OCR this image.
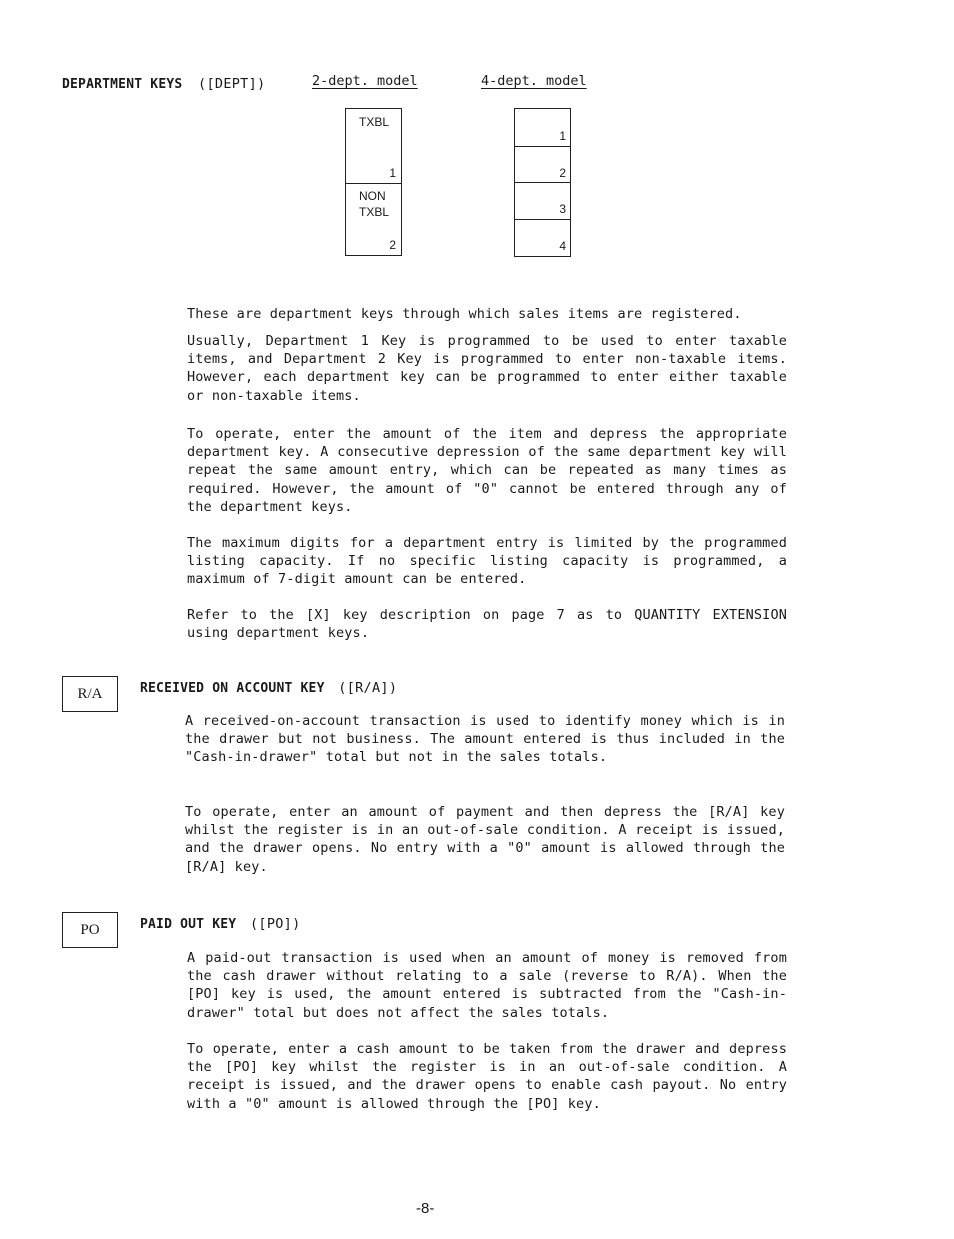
DEPARTMENT KEYS ([DEPT])	2-dept. model	4-dept. model
TXBL
1
NON
TXBL
2
1
2
3
4
These are department keys through which sales items are registered.
Usually, Department 1 Key is programmed to be used to enter taxable items, and Department 2 Key is programmed to enter non-taxable items. However, each department key can be programmed to enter either taxable or non-taxable items.
To operate, enter the amount of the item and depress the appropriate department key. A consecutive depression of the same department key will repeat the same amount entry, which can be repeated as many times as required. However, the amount of "0" cannot be entered through any of the department keys.
The maximum digits for a department entry is limited by the programmed listing capacity. If no specific listing capacity is programmed, a maximum of 7-digit amount can be entered.
Refer to the [X] key description on page 7 as to QUANTITY EXTENSION using department keys.
R/A	RECEIVED ON ACCOUNT KEY ([R/A])
A received-on-account transaction is used to identify money which is in the drawer but not business. The amount entered is thus included in the "Cash-in-drawer" total but not in the sales totals.
To operate, enter an amount of payment and then depress the [R/A] key whilst the register is in an out-of-sale condition. A receipt is issued, and the drawer opens. No entry with a "0" amount is allowed through the [R/A] key.
PO	PAID OUT KEY ([PO])
A paid-out transaction is used when an amount of money is removed from the cash drawer without relating to a sale (reverse to R/A). When the [PO] key is used, the amount entered is subtracted from the "Cash-in-drawer" total but does not affect the sales totals.
To operate, enter a cash amount to be taken from the drawer and depress the [PO] key whilst the register is in an out-of-sale condition. A receipt is issued, and the drawer opens to enable cash payout. No entry with a "0" amount is allowed through the [PO] key.
-8-
